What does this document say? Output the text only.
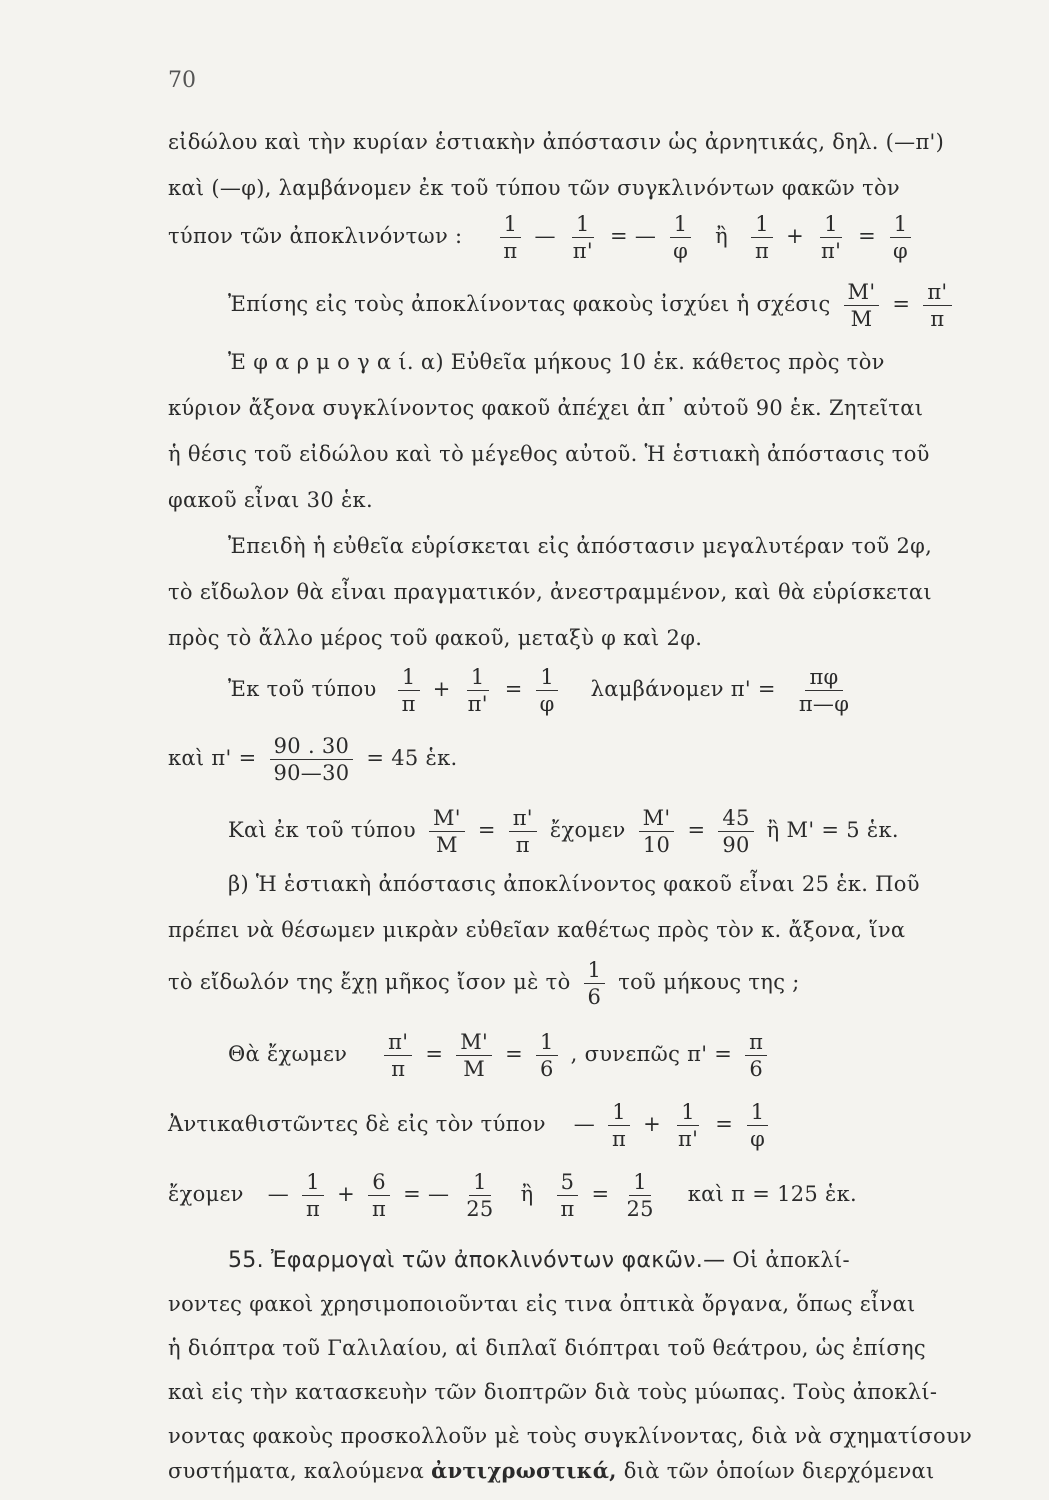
70
εἰδώλου καὶ τὴν κυρίαν ἑστιακὴν ἀπόστασιν ὡς ἀρνητικάς, δηλ. (—π')
καὶ (—φ), λαμβάνομεν ἐκ τοῦ τύπου τῶν συγκλινόντων φακῶν τὸν
τύπον τῶν ἀποκλινόντων : $\frac{1}{\pi}$ — $\frac{1}{\pi'}$ = — $\frac{1}{\varphi}$ ἢ $\frac{1}{\pi} + \frac{1}{\pi'} = \frac{1}{\varphi}$
Ἐπίσης εἰς τοὺς ἀποκλίνοντας φακοὺς ἰσχύει ἡ σχέσις $\frac{M'}{M} = \frac{\pi'}{\pi}$
Ἐ φ α ρ μ ο γ α ί. α) Εὐθεῖα μήκους 10 ἑκ. κάθετος πρὸς τὸν
κύριον ἄξονα συγκλίνοντος φακοῦ ἀπέχει ἀπ᾽ αὐτοῦ 90 ἑκ. Ζητεῖται
ἡ θέσις τοῦ εἰδώλου καὶ τὸ μέγεθος αὐτοῦ. Ἡ ἑστιακὴ ἀπόστασις τοῦ
φακοῦ εἶναι 30 ἑκ.
Ἐπειδὴ ἡ εὐθεῖα εὑρίσκεται εἰς ἀπόστασιν μεγαλυτέραν τοῦ 2φ,
τὸ εἴδωλον θὰ εἶναι πραγματικόν, ἀνεστραμμένον, καὶ θὰ εὑρίσκεται
πρὸς τὸ ἄλλο μέρος τοῦ φακοῦ, μεταξὺ φ καὶ 2φ.
Ἐκ τοῦ τύπου $\frac{1}{\pi} + \frac{1}{\pi'} = \frac{1}{\varphi}$ λαμβάνομεν $\pi' = \frac{\pi\varphi}{\pi—\varphi}$
καὶ $\pi' = \frac{90 . 30}{90—30} = 45$ ἑκ.
Καὶ ἐκ τοῦ τύπου $\frac{M'}{M} = \frac{\pi'}{\pi}$ ἔχομεν $\frac{M'}{10} = \frac{45}{90}$ ἢ Μ' = 5 ἑκ.
β) Ἡ ἑστιακὴ ἀπόστασις ἀποκλίνοντος φακοῦ εἶναι 25 ἑκ. Ποῦ
πρέπει νὰ θέσωμεν μικρὰν εὐθεῖαν καθέτως πρὸς τὸν κ. ἄξονα, ἵνα
τὸ εἴδωλόν της ἔχῃ μῆκος ἴσον μὲ τὸ $\frac{1}{6}$ τοῦ μήκους της ;
Θὰ ἔχωμεν $\frac{\pi'}{\pi} = \frac{M'}{M} = \frac{1}{6}$ , συνεπῶς $\pi' = \frac{\pi}{6}$
Ἀντικαθιστῶντες δὲ εἰς τὸν τύπον — $\frac{1}{\pi} + \frac{1}{\pi'} = \frac{1}{\varphi}$
ἔχομεν — $\frac{1}{\pi} + \frac{6}{\pi}$ = — $\frac{1}{25}$ ἢ $\frac{5}{\pi} = \frac{1}{25}$ καὶ π = 125 ἑκ.
55. Ἐφαρμογαὶ τῶν ἀποκλινόντων φακῶν.— Οἱ ἀποκλί-
νοντες φακοὶ χρησιμοποιοῦνται εἰς τινα ὀπτικὰ ὄργανα, ὅπως εἶναι
ἡ διόπτρα τοῦ Γαλιλαίου, αἱ διπλαῖ διόπτραι τοῦ θεάτρου, ὡς ἐπίσης
καὶ εἰς τὴν κατασκευὴν τῶν διοπτρῶν διὰ τοὺς μύωπας. Τοὺς ἀποκλί-
νοντας φακοὺς προσκολλοῦν μὲ τοὺς συγκλίνοντας, διὰ νὰ σχηματίσουν
συστήματα, καλούμενα ἀντιχρωστικά, διὰ τῶν ὁποίων διερχόμεναι
